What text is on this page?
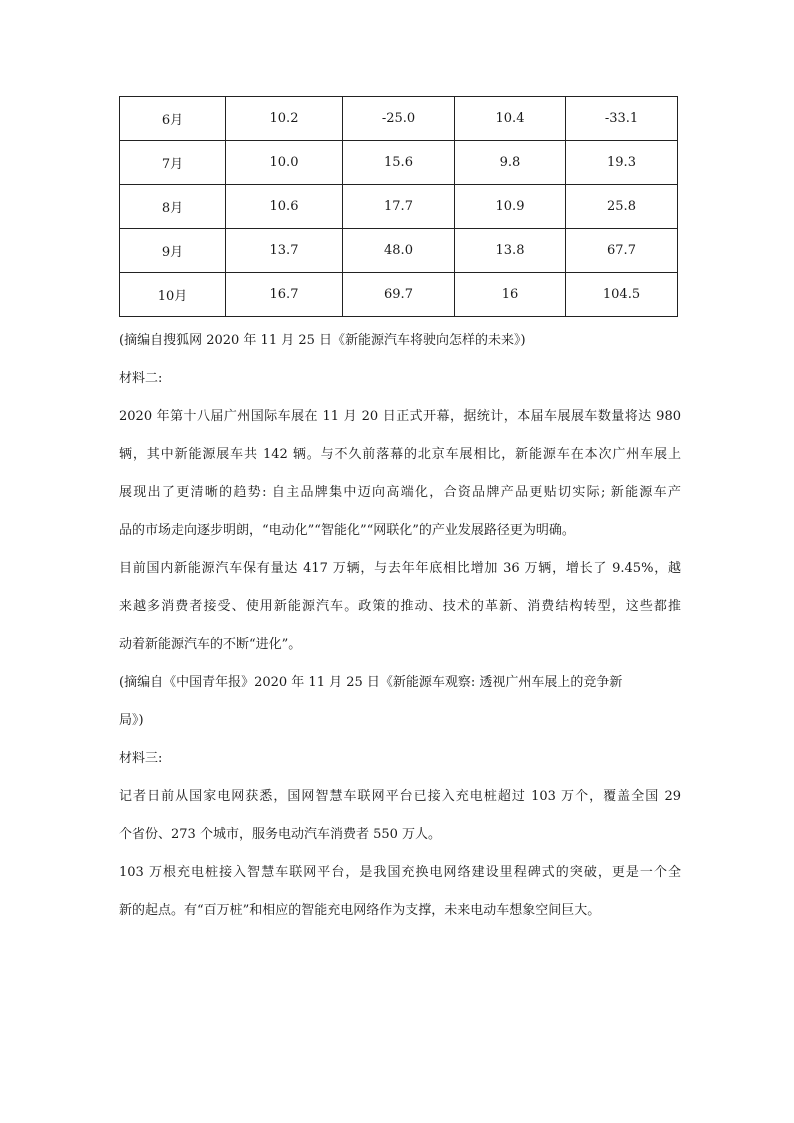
6月	10.2	-25.0	10.4	-33.1
7月	10.0	15.6	9.8	19.3
8月	10.6	17.7	10.9	25.8
9月	13.7	48.0	13.8	67.7
10月	16.7	69.7	16	104.5
(摘编自搜狐网 2020 年 11 月 25 日《新能源汽车将驶向怎样的未来》)
材料二:
2020 年第十八届广州国际车展在 11 月 20 日正式开幕，据统计，本届车展展车数量将达 980
辆，其中新能源展车共 142 辆。与不久前落幕的北京车展相比，新能源车在本次广州车展上
展现出了更清晰的趋势: 自主品牌集中迈向高端化，合资品牌产品更贴切实际; 新能源车产
品的市场走向逐步明朗，“电动化”“智能化”“网联化”的产业发展路径更为明确。
目前国内新能源汽车保有量达 417 万辆，与去年年底相比增加 36 万辆，增长了 9.45%，越
来越多消费者接受、使用新能源汽车。政策的推动、技术的革新、消费结构转型，这些都推
动着新能源汽车的不断“进化”。
(摘编自《中国青年报》2020 年 11 月 25 日《新能源车观察: 透视广州车展上的竞争新
局》)
材料三:
记者日前从国家电网获悉，国网智慧车联网平台已接入充电桩超过 103 万个，覆盖全国 29
个省份、273 个城市，服务电动汽车消费者 550 万人。
103 万根充电桩接入智慧车联网平台，是我国充换电网络建设里程碑式的突破，更是一个全
新的起点。有“百万桩”和相应的智能充电网络作为支撑，未来电动车想象空间巨大。
